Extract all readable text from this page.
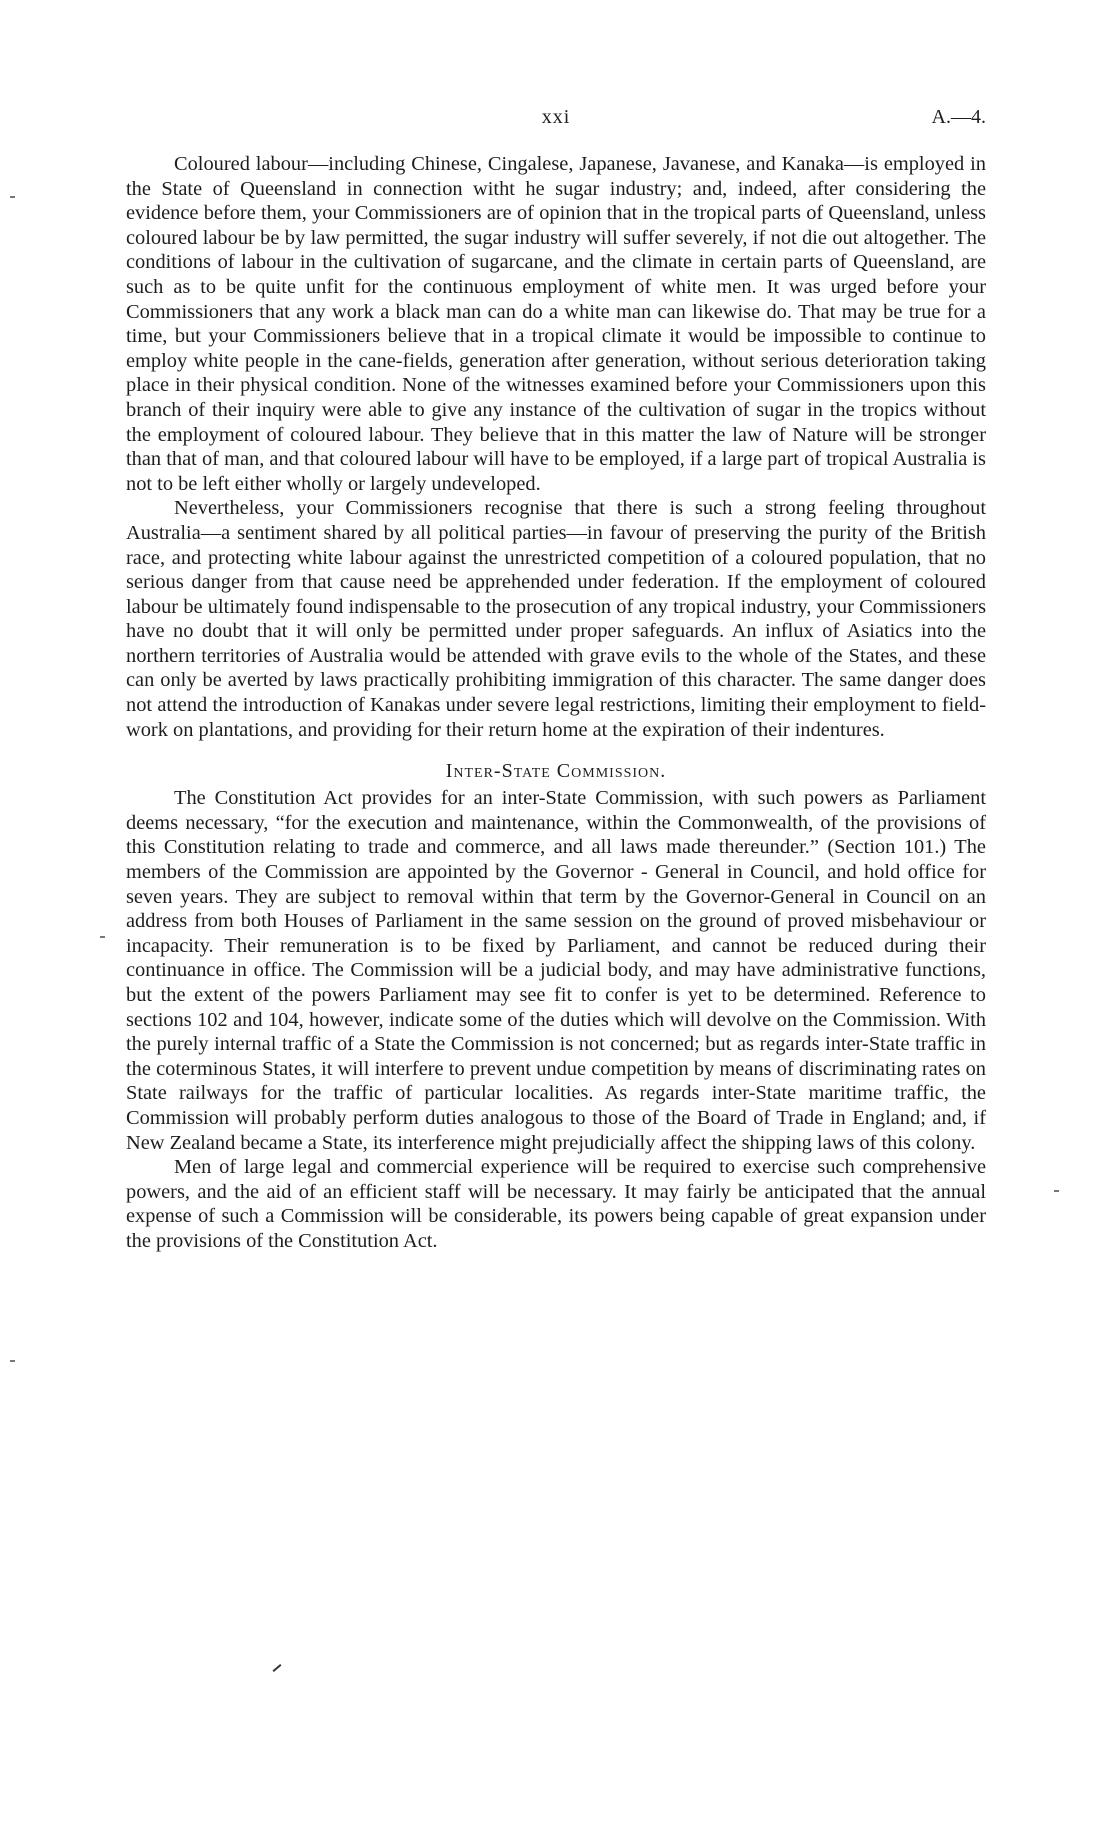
xxi	A.—4.

Coloured labour—including Chinese, Cingalese, Japanese, Javanese, and Kanaka—is employed in the State of Queensland in connection witht he sugar industry; and, indeed, after considering the evidence before them, your Commissioners are of opinion that in the tropical parts of Queensland, unless coloured labour be by law permitted, the sugar industry will suffer severely, if not die out altogether. The conditions of labour in the cultivation of sugarcane, and the climate in certain parts of Queensland, are such as to be quite unfit for the continuous employment of white men. It was urged before your Commissioners that any work a black man can do a white man can likewise do. That may be true for a time, but your Commissioners believe that in a tropical climate it would be impossible to continue to employ white people in the cane-fields, generation after generation, without serious deterioration taking place in their physical condition. None of the witnesses examined before your Commissioners upon this branch of their inquiry were able to give any instance of the cultivation of sugar in the tropics without the employment of coloured labour. They believe that in this matter the law of Nature will be stronger than that of man, and that coloured labour will have to be employed, if a large part of tropical Australia is not to be left either wholly or largely undeveloped.

Nevertheless, your Commissioners recognise that there is such a strong feeling throughout Australia—a sentiment shared by all political parties—in favour of preserving the purity of the British race, and protecting white labour against the unrestricted competition of a coloured population, that no serious danger from that cause need be apprehended under federation. If the employment of coloured labour be ultimately found indispensable to the prosecution of any tropical industry, your Commissioners have no doubt that it will only be permitted under proper safeguards. An influx of Asiatics into the northern territories of Australia would be attended with grave evils to the whole of the States, and these can only be averted by laws practically prohibiting immigration of this character. The same danger does not attend the introduction of Kanakas under severe legal restrictions, limiting their employment to field-work on plantations, and providing for their return home at the expiration of their indentures.

Inter-State Commission.

The Constitution Act provides for an inter-State Commission, with such powers as Parliament deems necessary, “for the execution and maintenance, within the Commonwealth, of the provisions of this Constitution relating to trade and commerce, and all laws made thereunder.” (Section 101.) The members of the Commission are appointed by the Governor - General in Council, and hold office for seven years. They are subject to removal within that term by the Governor-General in Council on an address from both Houses of Parliament in the same session on the ground of proved misbehaviour or incapacity. Their remuneration is to be fixed by Parliament, and cannot be reduced during their continuance in office. The Commission will be a judicial body, and may have administrative functions, but the extent of the powers Parliament may see fit to confer is yet to be determined. Reference to sections 102 and 104, however, indicate some of the duties which will devolve on the Commission. With the purely internal traffic of a State the Commission is not concerned; but as regards inter-State traffic in the coterminous States, it will interfere to prevent undue competition by means of discriminating rates on State railways for the traffic of particular localities. As regards inter-State maritime traffic, the Commission will probably perform duties analogous to those of the Board of Trade in England; and, if New Zealand became a State, its interference might prejudicially affect the shipping laws of this colony.

Men of large legal and commercial experience will be required to exercise such comprehensive powers, and the aid of an efficient staff will be necessary. It may fairly be anticipated that the annual expense of such a Commission will be considerable, its powers being capable of great expansion under the provisions of the Constitution Act.
